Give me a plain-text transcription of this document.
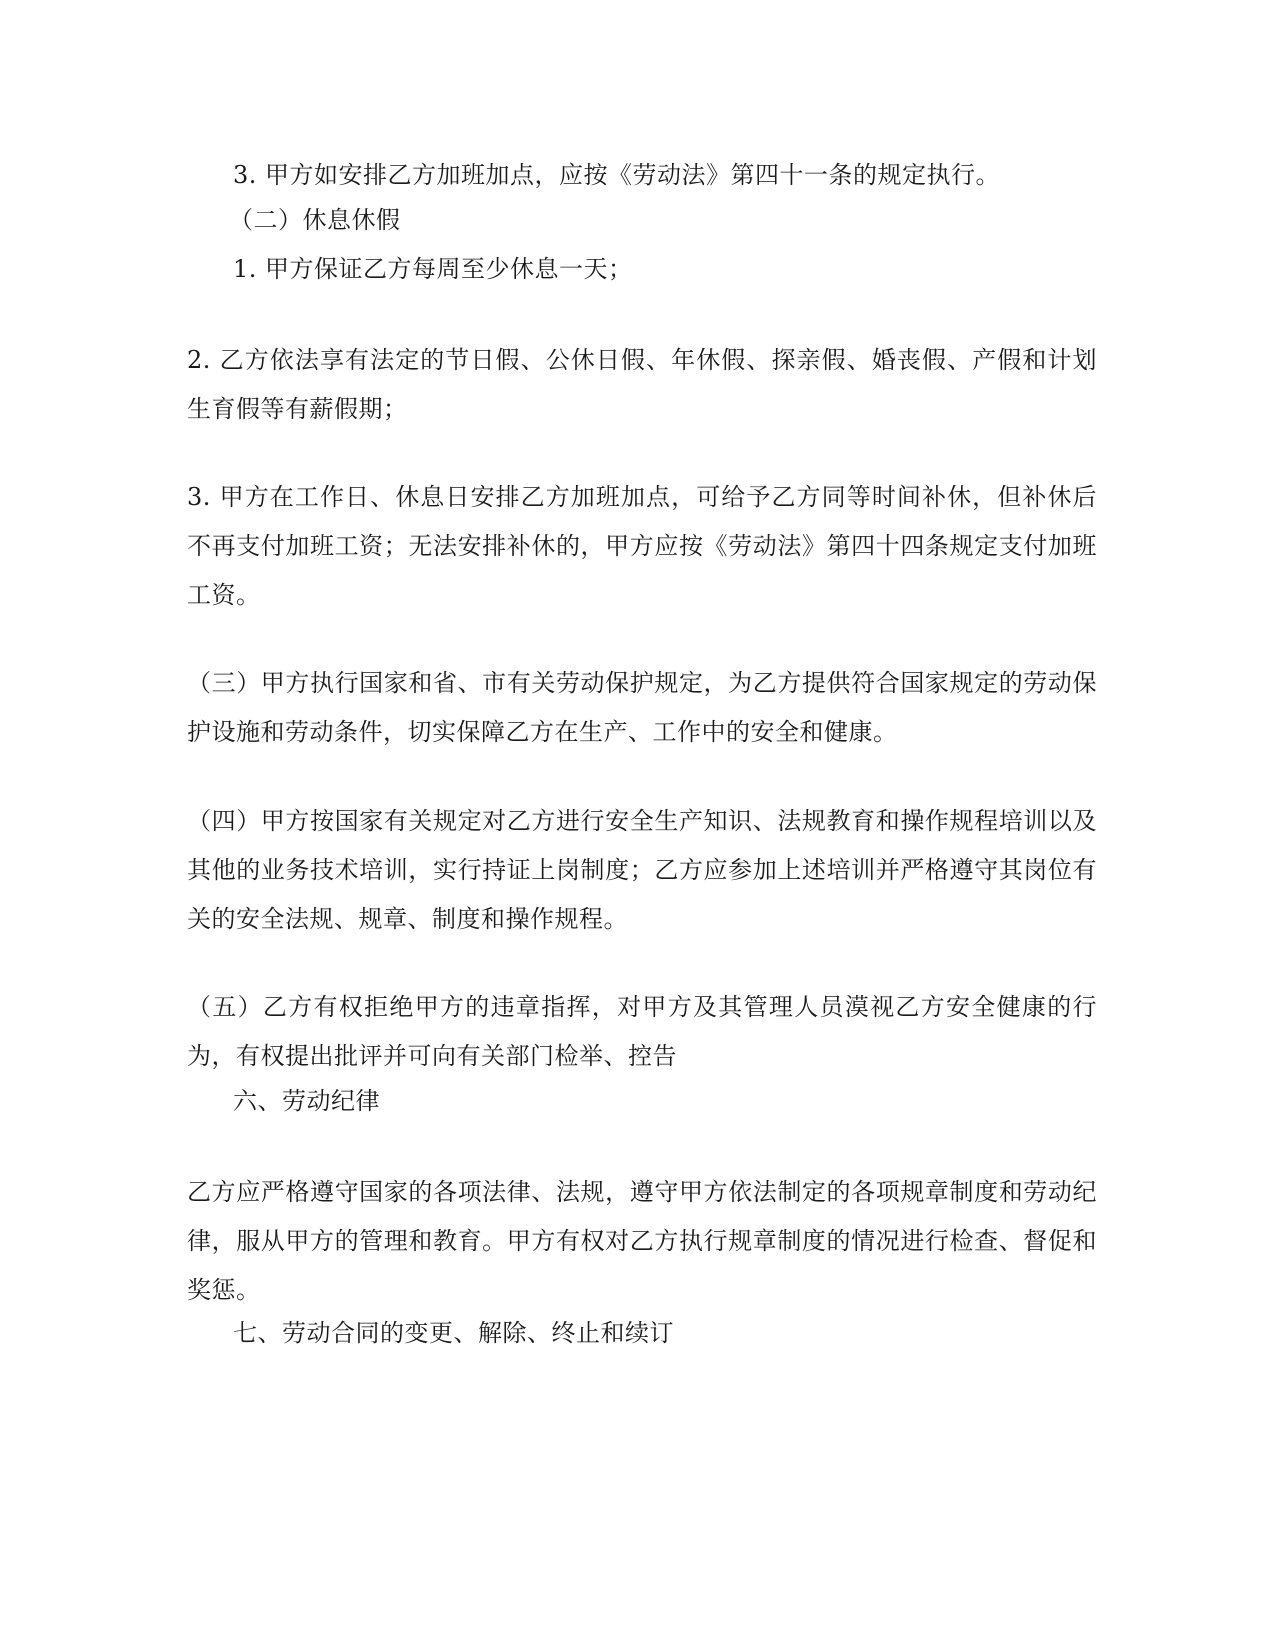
3. 甲方如安排乙方加班加点，应按《劳动法》第四十一条的规定执行。
（二）休息休假
1. 甲方保证乙方每周至少休息一天；
2. 乙方依法享有法定的节日假、公休日假、年休假、探亲假、婚丧假、产假和计划生育假等有薪假期；
3. 甲方在工作日、休息日安排乙方加班加点，可给予乙方同等时间补休，但补休后不再支付加班工资；无法安排补休的，甲方应按《劳动法》第四十四条规定支付加班工资。
（三）甲方执行国家和省、市有关劳动保护规定，为乙方提供符合国家规定的劳动保护设施和劳动条件，切实保障乙方在生产、工作中的安全和健康。
（四）甲方按国家有关规定对乙方进行安全生产知识、法规教育和操作规程培训以及其他的业务技术培训，实行持证上岗制度；乙方应参加上述培训并严格遵守其岗位有关的安全法规、规章、制度和操作规程。
（五）乙方有权拒绝甲方的违章指挥，对甲方及其管理人员漠视乙方安全健康的行为，有权提出批评并可向有关部门检举、控告
六、劳动纪律
乙方应严格遵守国家的各项法律、法规，遵守甲方依法制定的各项规章制度和劳动纪律，服从甲方的管理和教育。甲方有权对乙方执行规章制度的情况进行检查、督促和奖惩。
七、劳动合同的变更、解除、终止和续订
